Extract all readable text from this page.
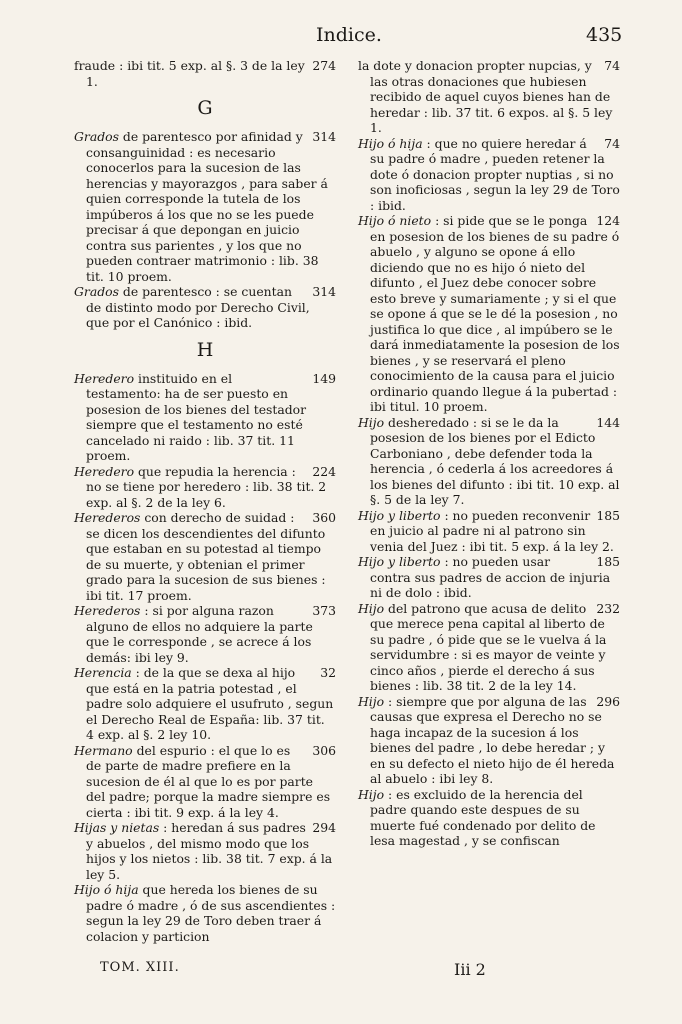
Indice.	435
274
fraude : ibi tit. 5 exp. al §. 3 de la ley 1.
G
314
Grados de parentesco por afinidad y consanguinidad : es necesario conocerlos para la sucesion de las herencias y mayorazgos , para saber á quien corresponde la tutela de los impúberos á los que no se les puede precisar á que depongan en juicio contra sus parientes , y los que no pueden contraer matrimonio : lib. 38 tit. 10 proem.
314
Grados de parentesco : se cuentan de distinto modo por Derecho Civil, que por el Canónico : ibid.
H
149
Heredero instituido en el testamento: ha de ser puesto en posesion de los bienes del testador siempre que el testamento no esté cancelado ni raido : lib. 37 tit. 11 proem.
224
Heredero que repudia la herencia : no se tiene por heredero : lib. 38 tit. 2 exp. al §. 2 de la ley 6.
360
Herederos con derecho de suidad : se dicen los descendientes del difunto que estaban en su potestad al tiempo de su muerte, y obtenian el primer grado para la sucesion de sus bienes : ibi tit. 17 proem.
373
Herederos : si por alguna razon alguno de ellos no adquiere la parte que le corresponde , se acrece á los demás: ibi ley 9.
32
Herencia : de la que se dexa al hijo que está en la patria potestad , el padre solo adquiere el usufruto , segun el Derecho Real de España: lib. 37 tit. 4 exp. al §. 2 ley 10.
306
Hermano del espurio : el que lo es de parte de madre prefiere en la sucesion de él al que lo es por parte del padre; porque la madre siempre es cierta : ibi tit. 9 exp. á la ley 4.
294
Hijas y nietas : heredan á sus padres y abuelos , del mismo modo que los hijos y los nietos : lib. 38 tit. 7 exp. á la ley 5.
Hijo ó hija que hereda los bienes de su padre ó madre , ó de sus ascendientes : segun la ley 29 de Toro deben traer á colacion y particion
74
la dote y donacion propter nupcias, y las otras donaciones que hubiesen recibido de aquel cuyos bienes han de heredar : lib. 37 tit. 6 expos. al §. 5 ley 1.
74
Hijo ó hija : que no quiere heredar á su padre ó madre , pueden retener la dote ó donacion propter nuptias , si no son inoficiosas , segun la ley 29 de Toro : ibid.
124
Hijo ó nieto : si pide que se le ponga en posesion de los bienes de su padre ó abuelo , y alguno se opone á ello diciendo que no es hijo ó nieto del difunto , el Juez debe conocer sobre esto breve y sumariamente ; y si el que se opone á que se le dé la posesion , no justifica lo que dice , al impúbero se le dará inmediatamente la posesion de los bienes , y se reservará el pleno conocimiento de la causa para el juicio ordinario quando llegue á la pubertad : ibi titul. 10 proem.
144
Hijo desheredado : si se le da la posesion de los bienes por el Edicto Carboniano , debe defender toda la herencia , ó cederla á los acreedores á los bienes del difunto : ibi tit. 10 exp. al §. 5 de la ley 7.
185
Hijo y liberto : no pueden reconvenir en juicio al padre ni al patrono sin venia del Juez : ibi tit. 5 exp. á la ley 2.
185
Hijo y liberto : no pueden usar contra sus padres de accion de injuria ni de dolo : ibid.
232
Hijo del patrono que acusa de delito que merece pena capital al liberto de su padre , ó pide que se le vuelva á la servidumbre : si es mayor de veinte y cinco años , pierde el derecho á sus bienes : lib. 38 tit. 2 de la ley 14.
296
Hijo : siempre que por alguna de las causas que expresa el Derecho no se haga incapaz de la sucesion á los bienes del padre , lo debe heredar ; y en su defecto el nieto hijo de él hereda al abuelo : ibi ley 8.
Hijo : es excluido de la herencia del padre quando este despues de su muerte fué condenado por delito de lesa magestad , y se confiscan
TOM. XIII.	Iii 2
